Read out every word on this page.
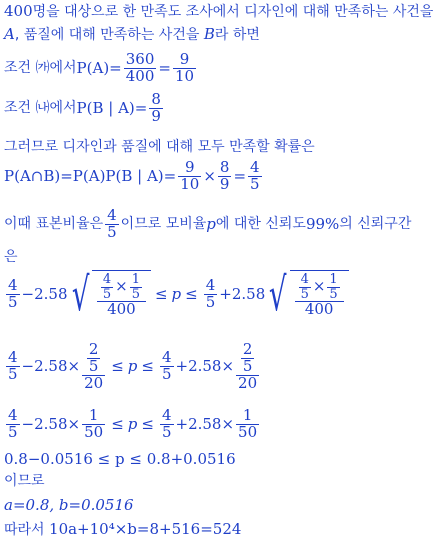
400명을 대상으로 한 만족도 조사에서 디자인에 대해 만족하는 사건을
A, 품질에 대해 만족하는 사건을 B라 하면
조건 ㈎에서 $P(A)= \frac{360}{400} = \frac{9}{10}$
조건 ㈏에서 P(B | $A)= \frac{8}{9}$
그러므로 디자인과 품질에 대해 모두 만족할 확률은
P(A∩B)=P(A)P(B | $A)= \frac{9}{10} \times \frac{8}{9} = \frac{4}{5}$
이때 표본비율은 $\frac{4}{5}$ 이므로 모비율 p 에 대한 신뢰도 99% 의 신뢰구간
은
$\frac{4}{5} -2.58$ √ $\frac{\frac{4}{5} \times \frac{1}{5}}{400} \le p \le \frac{4}{5} +2.58$ √ $\frac{\frac{4}{5} \times \frac{1}{5}}{400}$
$\frac{4}{5} -2.58\times \frac{\frac{2}{5}}{20} \le p \le \frac{4}{5} +2.58\times \frac{\frac{2}{5}}{20}$
$\frac{4}{5} -2.58\times \frac{1}{50} \le p \le \frac{4}{5} +2.58\times \frac{1}{50}$
0.8−0.0516 ≤ p ≤ 0.8+0.0516
이므로
a=0.8, b=0.0516
따라서 10a+10⁴×b=8+516=524
